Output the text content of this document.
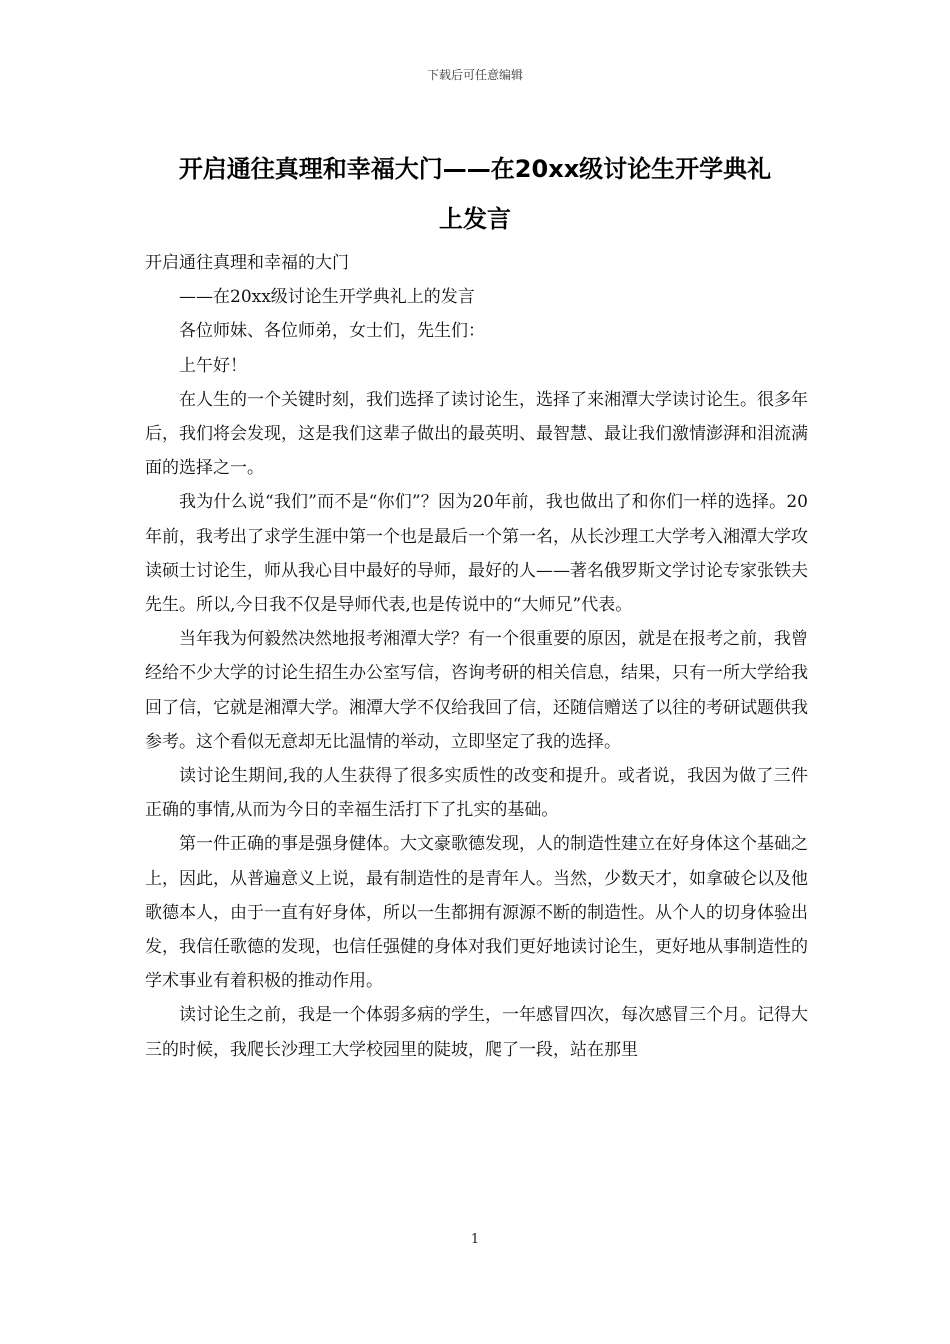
下载后可任意编辑
开启通往真理和幸福大门——在20xx级讨论生开学典礼
上发言

开启通往真理和幸福的大门

——在20xx级讨论生开学典礼上的发言

各位师妹、各位师弟，女士们，先生们：

上午好！

在人生的一个关键时刻，我们选择了读讨论生，选择了来湘潭大学读讨论生。很多年后，我们将会发现，这是我们这辈子做出的最英明、最智慧、最让我们激情澎湃和泪流满面的选择之一。

我为什么说“我们”而不是“你们”？因为20年前，我也做出了和你们一样的选择。20年前，我考出了求学生涯中第一个也是最后一个第一名，从长沙理工大学考入湘潭大学攻读硕士讨论生，师从我心目中最好的导师，最好的人——著名俄罗斯文学讨论专家张铁夫先生。所以,今日我不仅是导师代表,也是传说中的“大师兄”代表。

当年我为何毅然决然地报考湘潭大学？有一个很重要的原因，就是在报考之前，我曾经给不少大学的讨论生招生办公室写信，咨询考研的相关信息，结果，只有一所大学给我回了信，它就是湘潭大学。湘潭大学不仅给我回了信，还随信赠送了以往的考研试题供我参考。这个看似无意却无比温情的举动，立即坚定了我的选择。

读讨论生期间,我的人生获得了很多实质性的改变和提升。或者说，我因为做了三件正确的事情,从而为今日的幸福生活打下了扎实的基础。

第一件正确的事是强身健体。大文豪歌德发现，人的制造性建立在好身体这个基础之上，因此，从普遍意义上说，最有制造性的是青年人。当然，少数天才，如拿破仑以及他歌德本人，由于一直有好身体，所以一生都拥有源源不断的制造性。从个人的切身体验出发，我信任歌德的发现，也信任强健的身体对我们更好地读讨论生，更好地从事制造性的学术事业有着积极的推动作用。

读讨论生之前，我是一个体弱多病的学生，一年感冒四次，每次感冒三个月。记得大三的时候，我爬长沙理工大学校园里的陡坡，爬了一段，站在那里

1
